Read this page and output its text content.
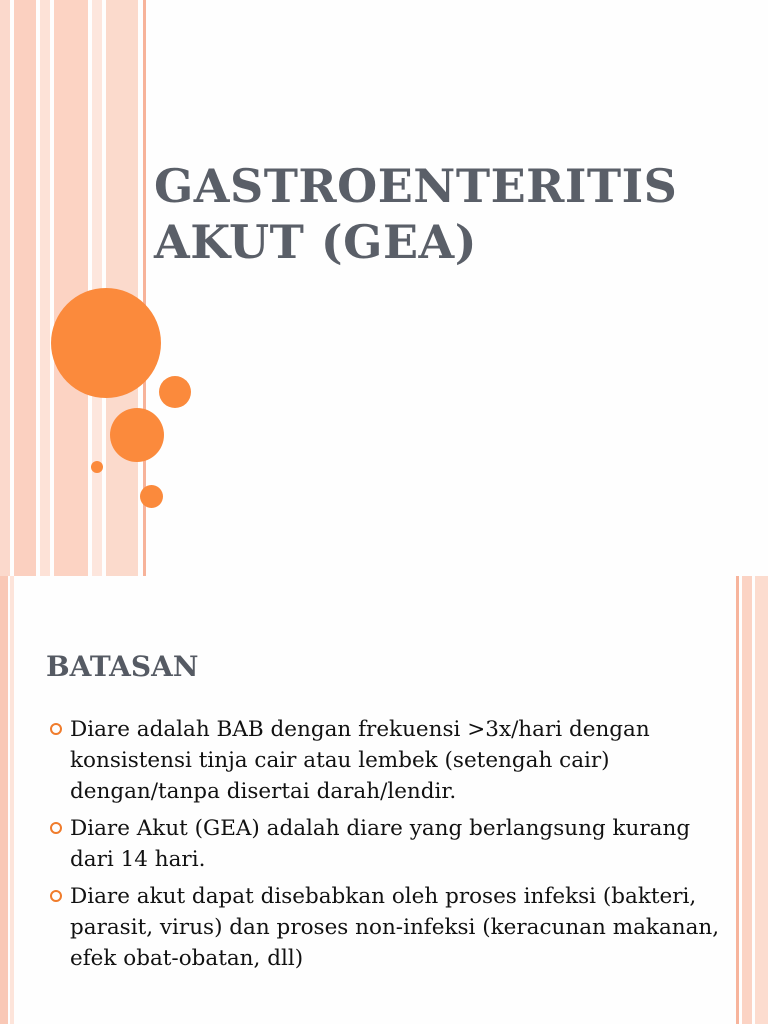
GASTROENTERITIS
AKUT (GEA)
BATASAN
Diare adalah BAB dengan frekuensi >3x/hari dengan konsistensi tinja cair atau lembek (setengah cair) dengan/tanpa disertai darah/lendir.
Diare Akut (GEA) adalah diare yang berlangsung kurang dari 14 hari.
Diare akut dapat disebabkan oleh proses infeksi (bakteri, parasit, virus) dan proses non-infeksi (keracunan makanan, efek obat-obatan, dll)
